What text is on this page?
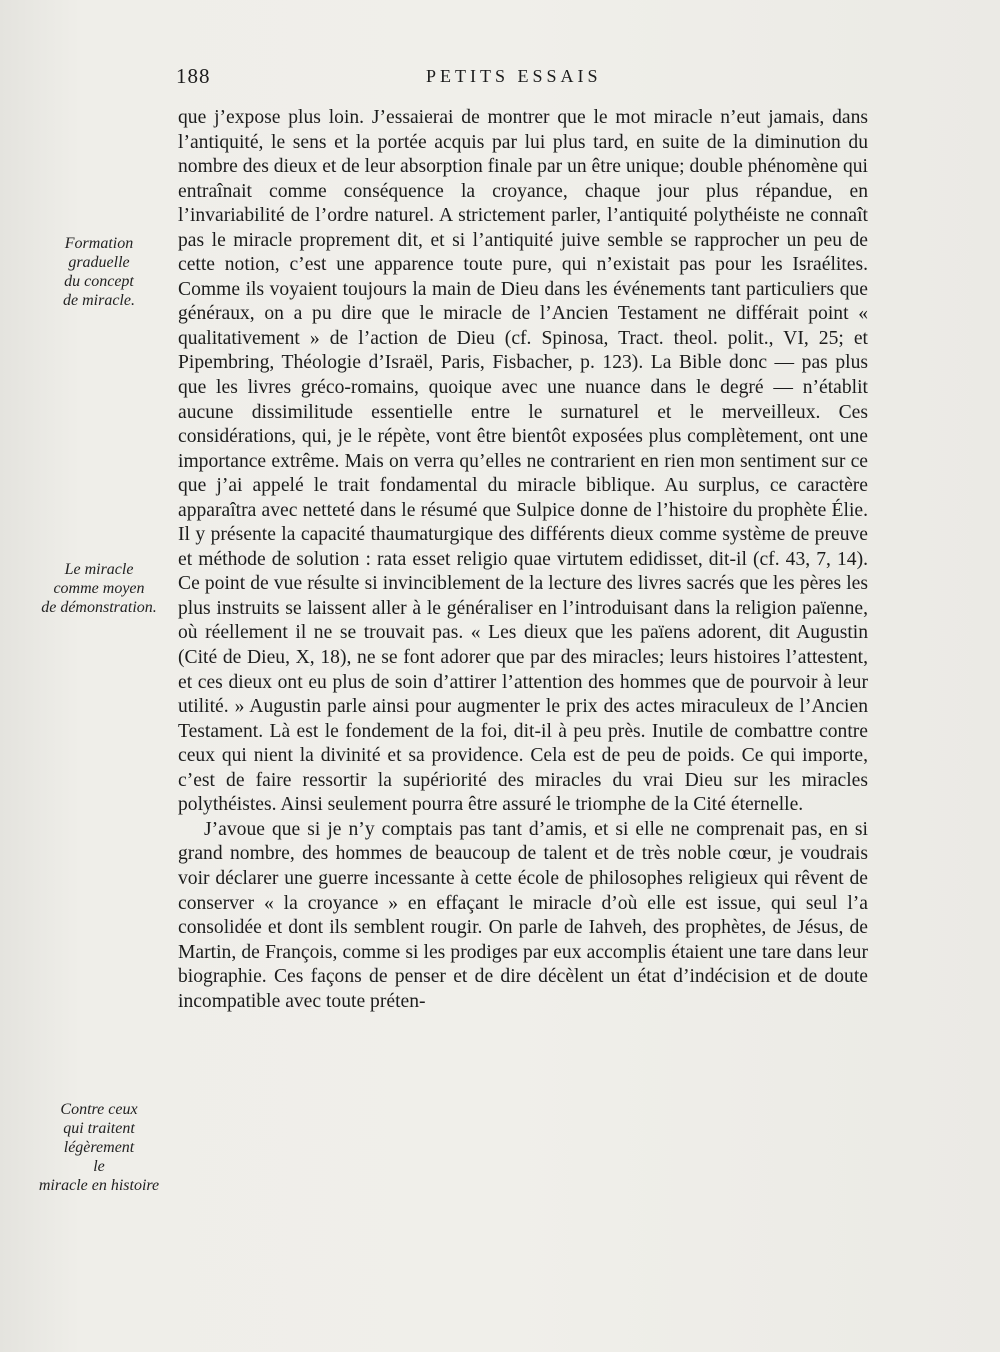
188	PETITS ESSAIS
Formation
graduelle
du concept
de miracle.
Le miracle
comme moyen
de démonstration.
Contre ceux
qui traitent
légèrement
le
miracle en histoire

que j’expose plus loin. J’essaierai de montrer que le mot miracle n’eut jamais, dans l’antiquité, le sens et la portée acquis par lui plus tard, en suite de la diminution du nombre des dieux et de leur absorption finale par un être unique; double phénomène qui entraînait comme conséquence la croyance, chaque jour plus répandue, en l’invariabilité de l’ordre naturel. A strictement parler, l’antiquité polythéiste ne connaît pas le miracle proprement dit, et si l’antiquité juive semble se rapprocher un peu de cette notion, c’est une apparence toute pure, qui n’existait pas pour les Israélites. Comme ils voyaient toujours la main de Dieu dans les événements tant particuliers que généraux, on a pu dire que le miracle de l’Ancien Testament ne différait point « qualitativement » de l’action de Dieu (cf. Spinosa, Tract. theol. polit., VI, 25; et Pipembring, Théologie d’Israël, Paris, Fisbacher, p. 123). La Bible donc — pas plus que les livres gréco-romains, quoique avec une nuance dans le degré — n’établit aucune dissimilitude essentielle entre le surnaturel et le merveilleux. Ces considérations, qui, je le répète, vont être bientôt exposées plus complètement, ont une importance extrême. Mais on verra qu’elles ne contrarient en rien mon sentiment sur ce que j’ai appelé le trait fondamental du miracle biblique. Au surplus, ce caractère apparaîtra avec netteté dans le résumé que Sulpice donne de l’histoire du prophète Élie. Il y présente la capacité thaumaturgique des différents dieux comme système de preuve et méthode de solution : rata esset religio quae virtutem edidisset, dit-il (cf. 43, 7, 14). Ce point de vue résulte si invinciblement de la lecture des livres sacrés que les pères les plus instruits se laissent aller à le généraliser en l’introduisant dans la religion païenne, où réellement il ne se trouvait pas. « Les dieux que les païens adorent, dit Augustin (Cité de Dieu, X, 18), ne se font adorer que par des miracles; leurs histoires l’attestent, et ces dieux ont eu plus de soin d’attirer l’attention des hommes que de pourvoir à leur utilité. » Augustin parle ainsi pour augmenter le prix des actes miraculeux de l’Ancien Testament. Là est le fondement de la foi, dit-il à peu près. Inutile de combattre contre ceux qui nient la divinité et sa providence. Cela est de peu de poids. Ce qui importe, c’est de faire ressortir la supériorité des miracles du vrai Dieu sur les miracles polythéistes. Ainsi seulement pourra être assuré le triomphe de la Cité éternelle.

J’avoue que si je n’y comptais pas tant d’amis, et si elle ne comprenait pas, en si grand nombre, des hommes de beaucoup de talent et de très noble cœur, je voudrais voir déclarer une guerre incessante à cette école de philosophes religieux qui rêvent de conserver « la croyance » en effaçant le miracle d’où elle est issue, qui seul l’a consolidée et dont ils semblent rougir. On parle de Iahveh, des prophètes, de Jésus, de Martin, de François, comme si les prodiges par eux accomplis étaient une tare dans leur biographie. Ces façons de penser et de dire décèlent un état d’indécision et de doute incompatible avec toute préten-
